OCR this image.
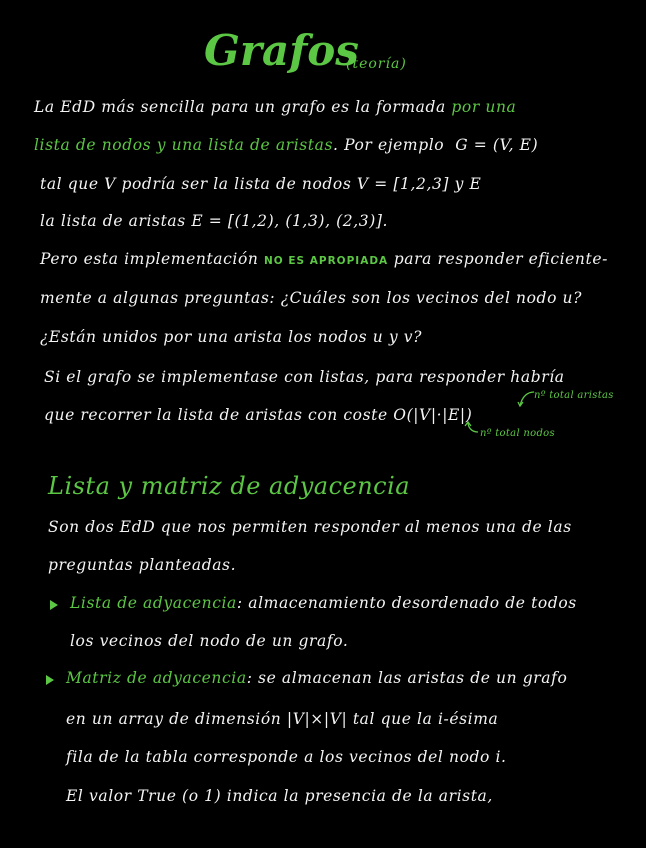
Grafos
(teoría)
La EdD más sencilla para un grafo es la formada por una
lista de nodos y una lista de aristas. Por ejemplo  G = (V, E)
tal que V podría ser la lista de nodos V = [1,2,3] y E
la lista de aristas E = [(1,2), (1,3), (2,3)].
Pero esta implementación NO ES APROPIADA para responder eficiente-
mente a algunas preguntas: ¿Cuáles son los vecinos del nodo u?
¿Están unidos por una arista los nodos u y v?
Si el grafo se implementase con listas, para responder habría
que recorrer la lista de aristas con coste O(|V|·|E|)
nº total aristas
nº total nodos
Lista y matriz de adyacencia
Son dos EdD que nos permiten responder al menos una de las
preguntas planteadas.
Lista de adyacencia: almacenamiento desordenado de todos
los vecinos del nodo de un grafo.
Matriz de adyacencia: se almacenan las aristas de un grafo
en un array de dimensión |V|×|V| tal que la i-ésima
fila de la tabla corresponde a los vecinos del nodo i.
El valor True (o 1) indica la presencia de la arista,
